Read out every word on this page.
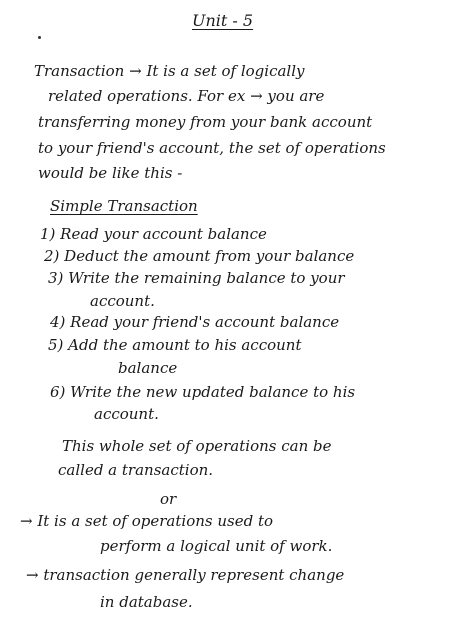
Unit - 5
Transaction → It is a set of logically
related operations. For ex → you are
transferring money from your bank account
to your friend's account, the set of operations
would be like this -
Simple Transaction
1) Read your account balance
2) Deduct the amount from your balance
3) Write the remaining balance to your
account.
4) Read your friend's account balance
5) Add the amount to his account
balance
6) Write the new updated balance to his
account.
This whole set of operations can be
called a transaction.
or
→ It is a set of operations used to
perform a logical unit of work.
→ transaction generally represent change
in database.
